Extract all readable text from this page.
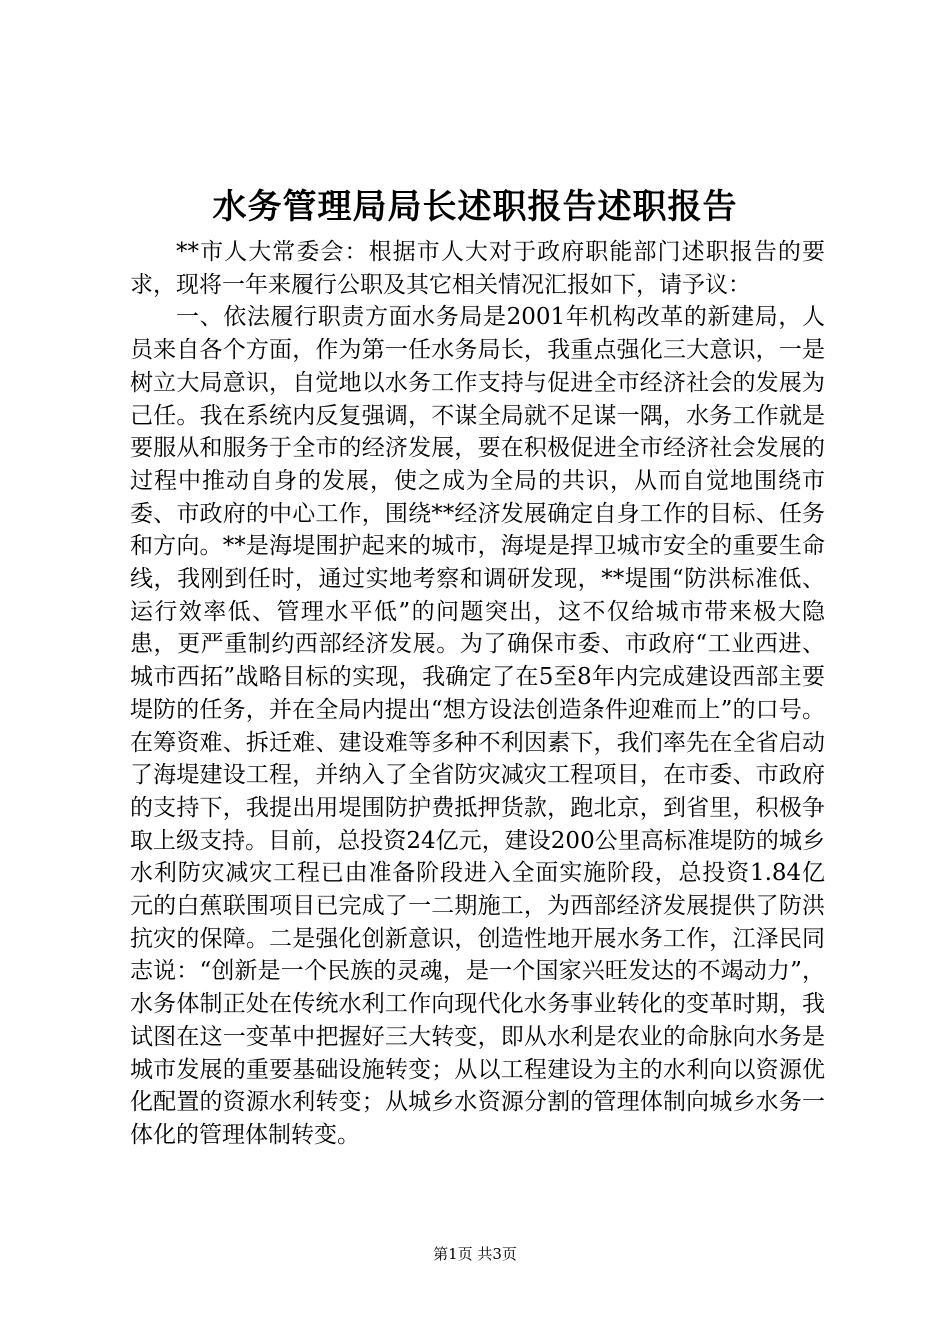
水务管理局局长述职报告述职报告

**市人大常委会：根据市人大对于政府职能部门述职报告的要求，现将一年来履行公职及其它相关情况汇报如下，请予议：

一、依法履行职责方面水务局是2001年机构改革的新建局，人员来自各个方面，作为第一任水务局长，我重点强化三大意识，一是树立大局意识，自觉地以水务工作支持与促进全市经济社会的发展为己任。我在系统内反复强调，不谋全局就不足谋一隅，水务工作就是要服从和服务于全市的经济发展，要在积极促进全市经济社会发展的过程中推动自身的发展，使之成为全局的共识，从而自觉地围绕市委、市政府的中心工作，围绕**经济发展确定自身工作的目标、任务和方向。**是海堤围护起来的城市，海堤是捍卫城市安全的重要生命线，我刚到任时，通过实地考察和调研发现，**堤围“防洪标准低、运行效率低、管理水平低”的问题突出，这不仅给城市带来极大隐患，更严重制约西部经济发展。为了确保市委、市政府“工业西进、城市西拓”战略目标的实现，我确定了在5至8年内完成建设西部主要堤防的任务，并在全局内提出“想方设法创造条件迎难而上”的口号。在筹资难、拆迁难、建设难等多种不利因素下，我们率先在全省启动了海堤建设工程，并纳入了全省防灾减灾工程项目，在市委、市政府的支持下，我提出用堤围防护费抵押货款，跑北京，到省里，积极争取上级支持。目前，总投资24亿元，建设200公里高标准堤防的城乡水利防灾减灾工程已由准备阶段进入全面实施阶段，总投资1.84亿元的白蕉联围项目已完成了一二期施工，为西部经济发展提供了防洪抗灾的保障。二是强化创新意识，创造性地开展水务工作，江泽民同志说：“创新是一个民族的灵魂，是一个国家兴旺发达的不竭动力”，水务体制正处在传统水利工作向现代化水务事业转化的变革时期，我试图在这一变革中把握好三大转变，即从水利是农业的命脉向水务是城市发展的重要基础设施转变；从以工程建设为主的水利向以资源优化配置的资源水利转变；从城乡水资源分割的管理体制向城乡水务一体化的管理体制转变。

第1页 共3页
